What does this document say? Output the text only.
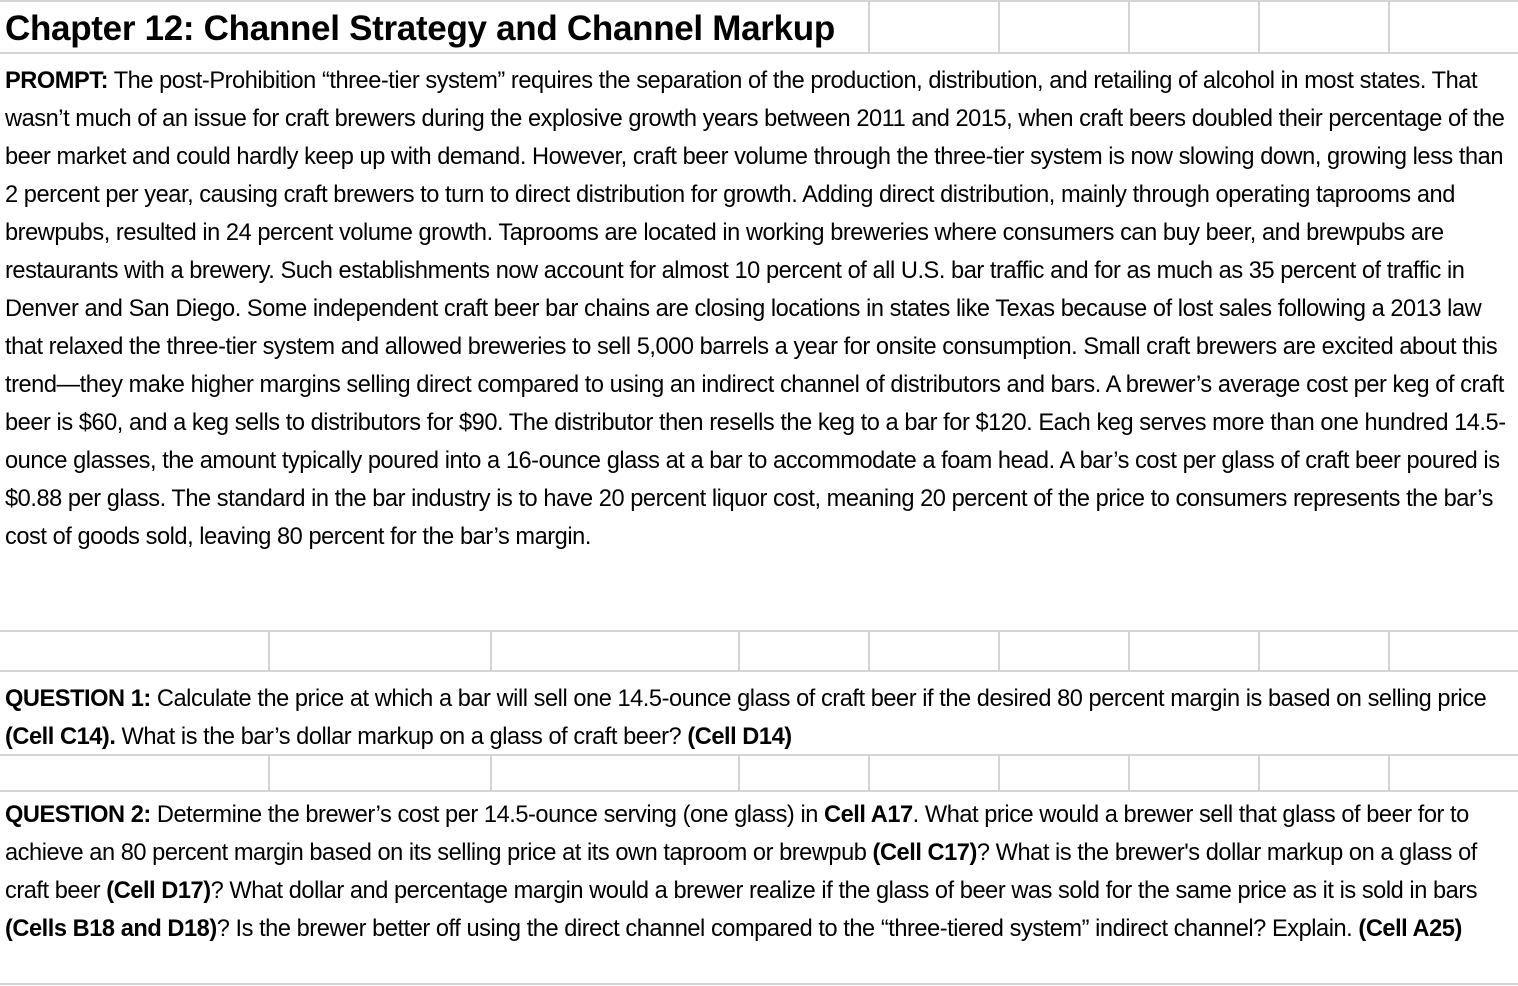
Chapter 12: Channel Strategy and Channel Markup
PROMPT: The post-Prohibition “three-tier system” requires the separation of the production, distribution, and retailing of alcohol in most states. That wasn’t much of an issue for craft brewers during the explosive growth years between 2011 and 2015, when craft beers doubled their percentage of the beer market and could hardly keep up with demand. However, craft beer volume through the three-tier system is now slowing down, growing less than 2 percent per year, causing craft brewers to turn to direct distribution for growth. Adding direct distribution, mainly through operating taprooms and brewpubs, resulted in 24 percent volume growth. Taprooms are located in working breweries where consumers can buy beer, and brewpubs are restaurants with a brewery. Such establishments now account for almost 10 percent of all U.S. bar traffic and for as much as 35 percent of traffic in Denver and San Diego. Some independent craft beer bar chains are closing locations in states like Texas because of lost sales following a 2013 law that relaxed the three-tier system and allowed breweries to sell 5,000 barrels a year for onsite consumption. Small craft brewers are excited about this trend—they make higher margins selling direct compared to using an indirect channel of distributors and bars. A brewer’s average cost per keg of craft beer is $60, and a keg sells to distributors for $90. The distributor then resells the keg to a bar for $120. Each keg serves more than one hundred 14.5-ounce glasses, the amount typically poured into a 16-ounce glass at a bar to accommodate a foam head. A bar’s cost per glass of craft beer poured is $0.88 per glass. The standard in the bar industry is to have 20 percent liquor cost, meaning 20 percent of the price to consumers represents the bar’s cost of goods sold, leaving 80 percent for the bar’s margin.
QUESTION 1: Calculate the price at which a bar will sell one 14.5-ounce glass of craft beer if the desired 80 percent margin is based on selling price (Cell C14). What is the bar’s dollar markup on a glass of craft beer? (Cell D14)
QUESTION 2: Determine the brewer’s cost per 14.5-ounce serving (one glass) in Cell A17. What price would a brewer sell that glass of beer for to achieve an 80 percent margin based on its selling price at its own taproom or brewpub (Cell C17)? What is the brewer's dollar markup on a glass of craft beer (Cell D17)? What dollar and percentage margin would a brewer realize if the glass of beer was sold for the same price as it is sold in bars (Cells B18 and D18)? Is the brewer better off using the direct channel compared to the “three-tiered system” indirect channel? Explain. (Cell A25)
